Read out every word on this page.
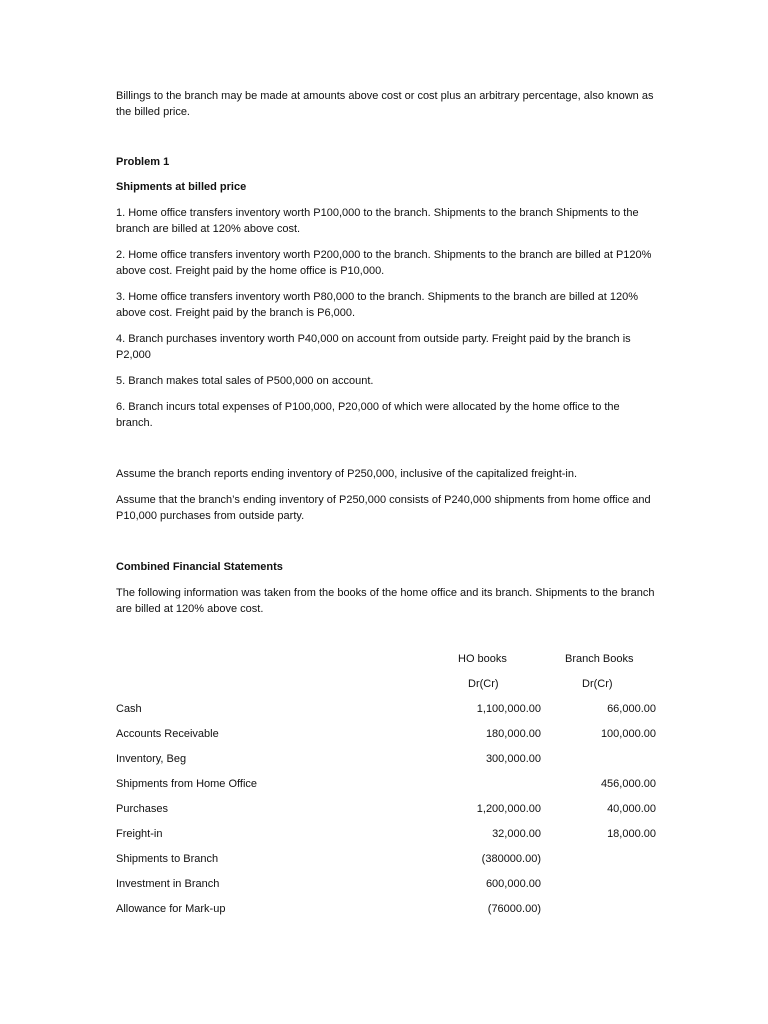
Billings to the branch may be made at amounts above cost or cost plus an arbitrary percentage, also known as the billed price.

Problem 1

Shipments at billed price

1. Home office transfers inventory worth P100,000 to the branch. Shipments to the branch Shipments to the branch are billed at 120% above cost.

2. Home office transfers inventory worth P200,000 to the branch. Shipments to the branch are billed at P120% above cost. Freight paid by the home office is P10,000.

3. Home office transfers inventory worth P80,000 to the branch. Shipments to the branch are billed at 120% above cost. Freight paid by the branch is P6,000.

4. Branch purchases inventory worth P40,000 on account from outside party. Freight paid by the branch is P2,000

5. Branch makes total sales of P500,000 on account.

6. Branch incurs total expenses of P100,000, P20,000 of which were allocated by the home office to the branch.

Assume the branch reports ending inventory of P250,000, inclusive of the capitalized freight-in.

Assume that the branch’s ending inventory of P250,000 consists of P240,000 shipments from home office and P10,000 purchases from outside party.

Combined Financial Statements

The following information was taken from the books of the home office and its branch. Shipments to the branch are billed at 120% above cost.

	HO books	Branch Books
	Dr(Cr)	Dr(Cr)
Cash	1,100,000.00	66,000.00
Accounts Receivable	180,000.00	100,000.00
Inventory, Beg	300,000.00	
Shipments from Home Office		456,000.00
Purchases	1,200,000.00	40,000.00
Freight-in	32,000.00	18,000.00
Shipments to Branch	(380000.00)	
Investment in Branch	600,000.00	
Allowance for Mark-up	(76000.00)	
